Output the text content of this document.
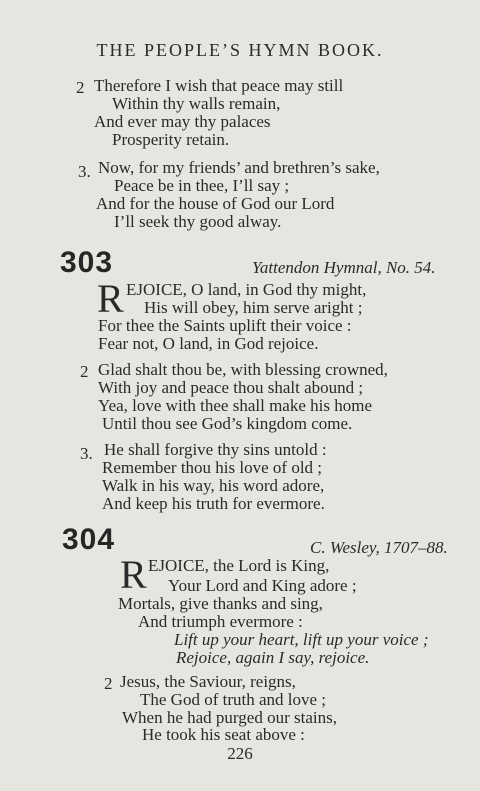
THE PEOPLE’S HYMN BOOK.
2 Therefore I wish that peace may still
Within thy walls remain,
And ever may thy palaces
Prosperity retain.
3. Now, for my friends’ and brethren’s sake,
Peace be in thee, I’ll say ;
And for the house of God our Lord
I’ll seek thy good alway.
303	Yattendon Hymnal, No. 54.
R EJOICE, O land, in God thy might,
His will obey, him serve aright ;
For thee the Saints uplift their voice :
Fear not, O land, in God rejoice.
2 Glad shalt thou be, with blessing crowned,
With joy and peace thou shalt abound ;
Yea, love with thee shall make his home
Until thou see God’s kingdom come.
3. He shall forgive thy sins untold :
Remember thou his love of old ;
Walk in his way, his word adore,
And keep his truth for evermore.
304	C. Wesley, 1707–88.
R EJOICE, the Lord is King,
Your Lord and King adore ;
Mortals, give thanks and sing,
And triumph evermore :
Lift up your heart, lift up your voice ;
Rejoice, again I say, rejoice.
2 Jesus, the Saviour, reigns,
The God of truth and love ;
When he had purged our stains,
He took his seat above :
226
